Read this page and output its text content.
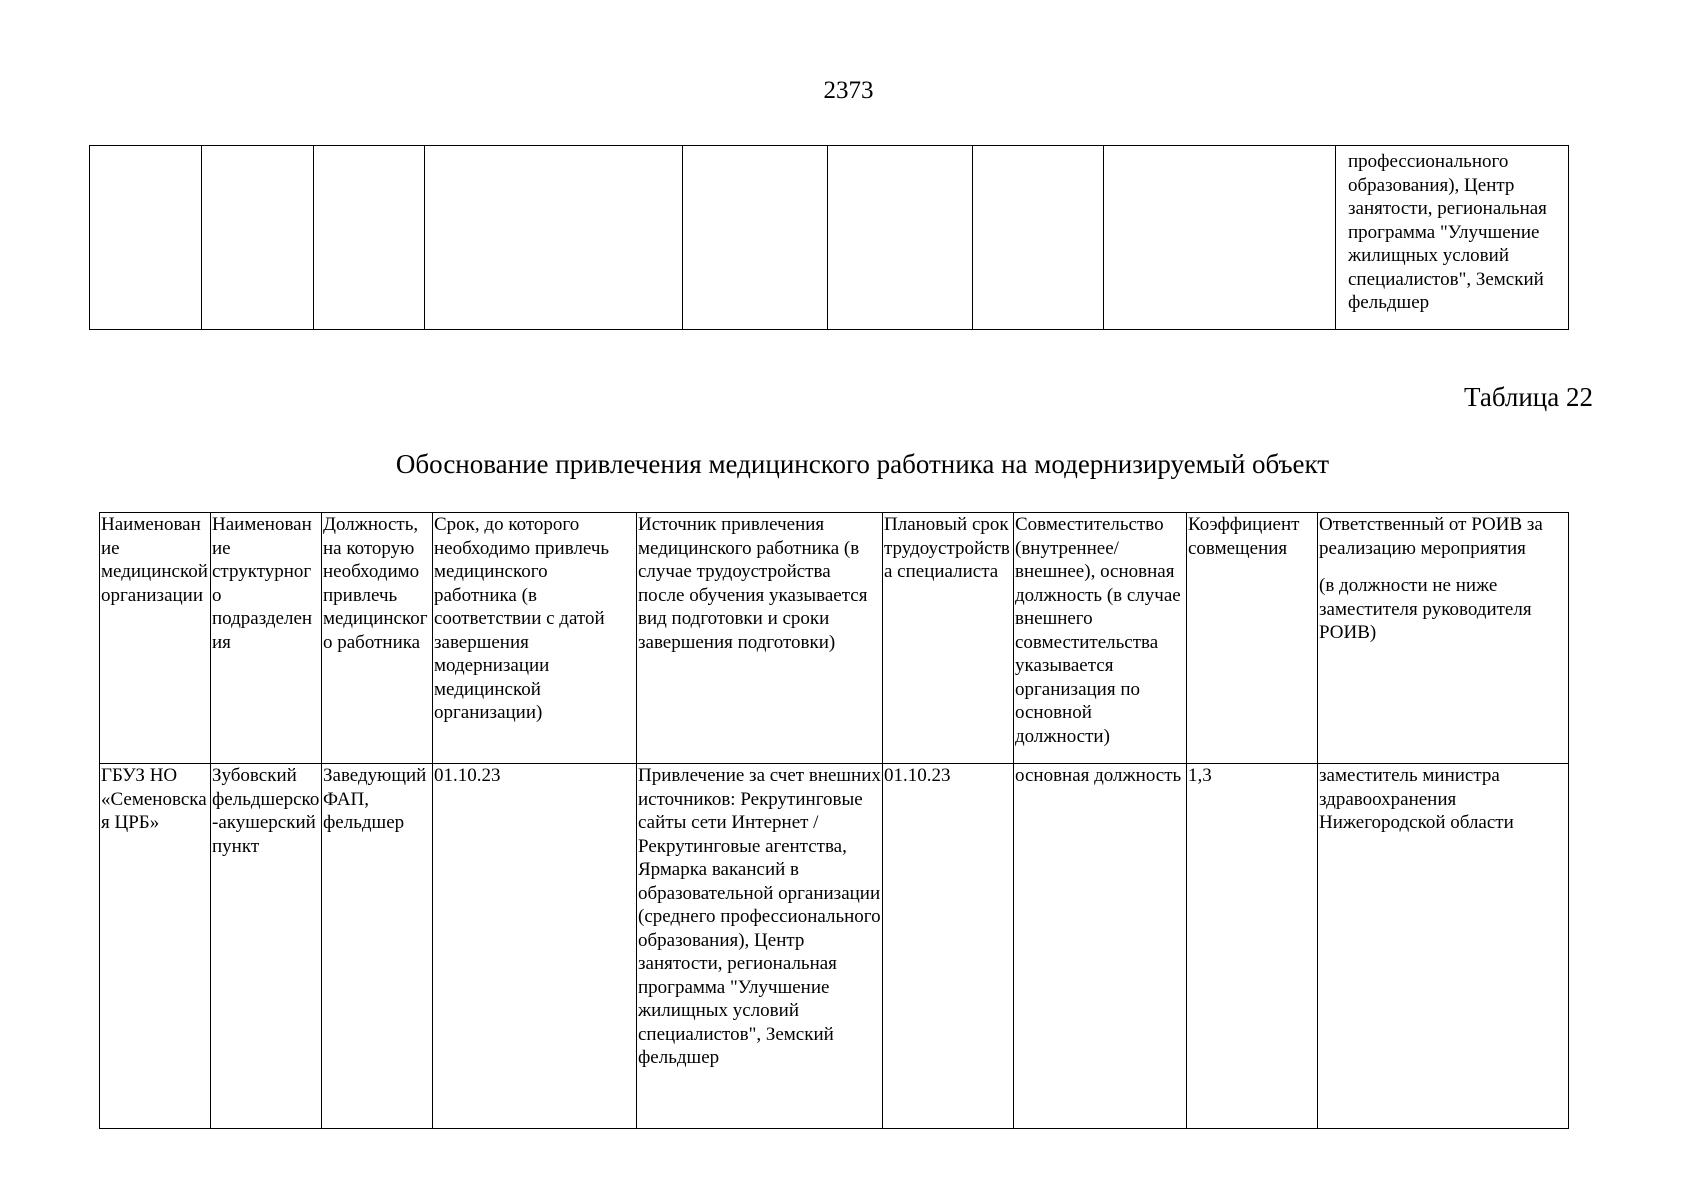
2373
								профессионального образования), Центр занятости, региональная программа "Улучшение жилищных условий специалистов", Земский фельдшер
Таблица 22
Обоснование привлечения медицинского работника на модернизируемый объект
Наименование медицинской организации	Наименование структурного подразделения	Должность, на которую необходимо привлечь медицинского работника	Срок, до которого необходимо привлечь медицинского работника (в соответствии с датой завершения модернизации медицинской организации)	Источник привлечения медицинского работника (в случае трудоустройства после обучения указывается вид подготовки и сроки завершения подготовки)	Плановый срок трудоустройства специалиста	Совместительство (внутреннее/внешнее), основная должность (в случае внешнего совместительства указывается организация по основной должности)	Коэффициент совмещения	Ответственный от РОИВ за реализацию мероприятия
(в должности не ниже заместителя руководителя РОИВ)
ГБУЗ НО «Семеновская ЦРБ»	Зубовский фельдшерско-акушерский пункт	Заведующий ФАП, фельдшер	01.10.23	Привлечение за счет внешних источников: Рекрутинговые сайты сети Интернет / Рекрутинговые агентства, Ярмарка вакансий в образовательной организации (среднего профессионального образования), Центр занятости, региональная программа "Улучшение жилищных условий специалистов", Земский фельдшер	01.10.23	основная должность	1,3	заместитель министра здравоохранения Нижегородской области
